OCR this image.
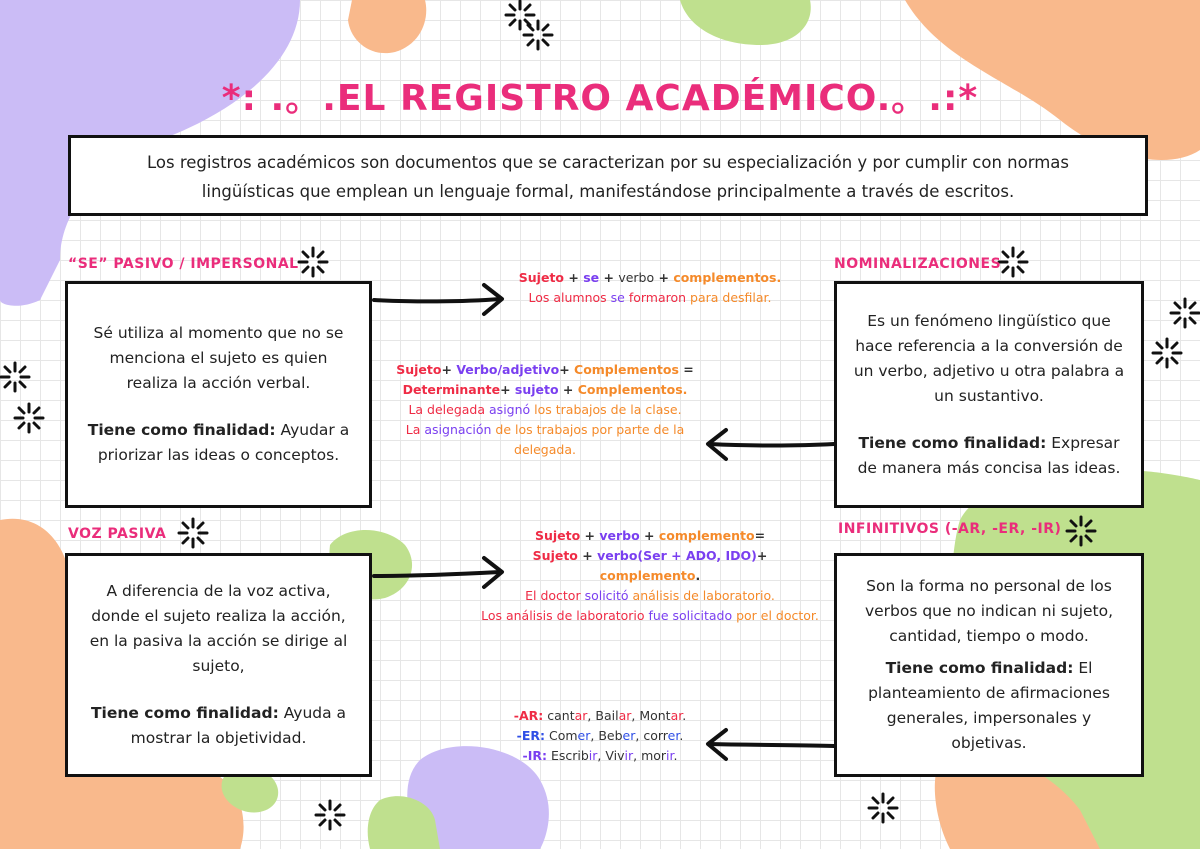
*: .。.EL REGISTRO ACADÉMICO.。.:*
Los registros académicos son documentos que se caracterizan por su especialización y por cumplir con normas
lingüísticas que emplean un lenguaje formal, manifestándose principalmente a través de escritos.
“SE” PASIVO / IMPERSONAL
VOZ PASIVA
NOMINALIZACIONES
INFINITIVOS (-AR, -ER, -IR)

Sé utiliza al momento que no se menciona el sujeto es quien realiza la acción verbal.

Tiene como finalidad: Ayudar a priorizar las ideas o conceptos.

A diferencia de la voz activa, donde el sujeto realiza la acción, en la pasiva la acción se dirige al sujeto,

Tiene como finalidad: Ayuda a mostrar la objetividad.

Es un fenómeno lingüístico que hace referencia a la conversión de un verbo, adjetivo u otra palabra a un sustantivo.

Tiene como finalidad: Expresar de manera más concisa las ideas.

Son la forma no personal de los verbos que no indican ni sujeto, cantidad, tiempo o modo.

Tiene como finalidad: El planteamiento de afirmaciones generales, impersonales y objetivas.

Sujeto + se + verbo + complementos.

Los alumnos se formaron para desfilar.

Sujeto+ Verbo/adjetivo+ Complementos =

Determinante+ sujeto + Complementos.

La delegada asignó los trabajos de la clase.

La asignación de los trabajos por parte de la delegada.

Sujeto + verbo + complemento=

Sujeto + verbo(Ser + ADO, IDO)+

complemento.

El doctor solicitó análisis de laboratorio.

Los análisis de laboratorio fue solicitado por el doctor.

-AR: cantar, Bailar, Montar.

-ER: Comer, Beber, correr.

-IR: Escribir, Vivir, morir.
